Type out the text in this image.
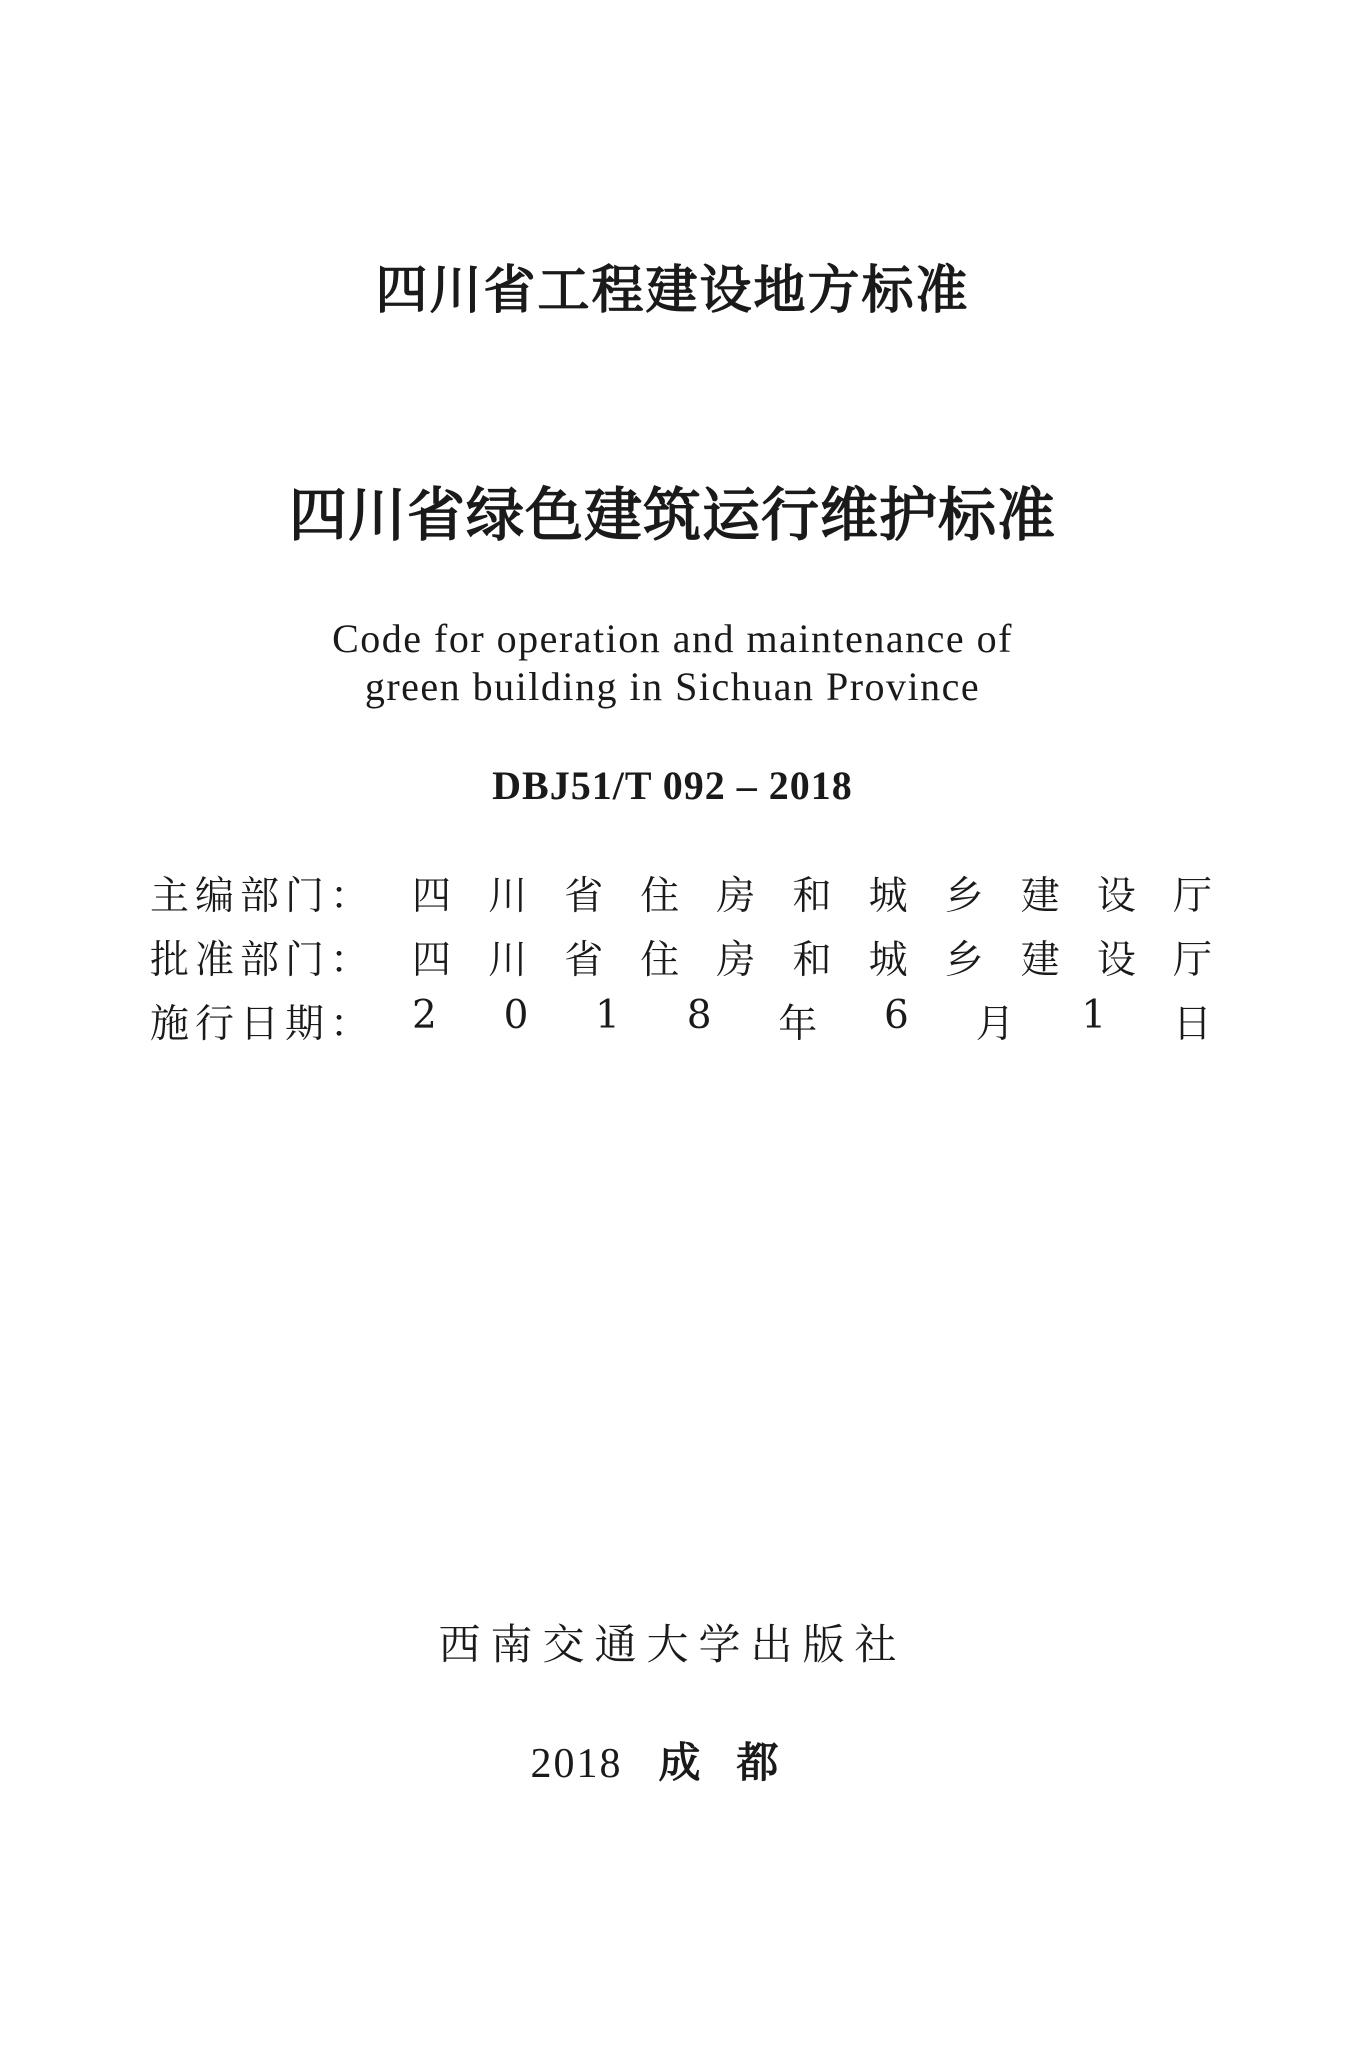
四川省工程建设地方标准
四川省绿色建筑运行维护标准
Code for operation and maintenance of
green building in Sichuan Province
DBJ51/T 092 – 2018
主编部门： 四 川 省 住 房 和 城 乡 建 设 厅
批准部门： 四 川 省 住 房 和 城 乡 建 设 厅
施行日期： 2 0 1 8 年 6 月 1 日
西南交通大学出版社
2018 成都
